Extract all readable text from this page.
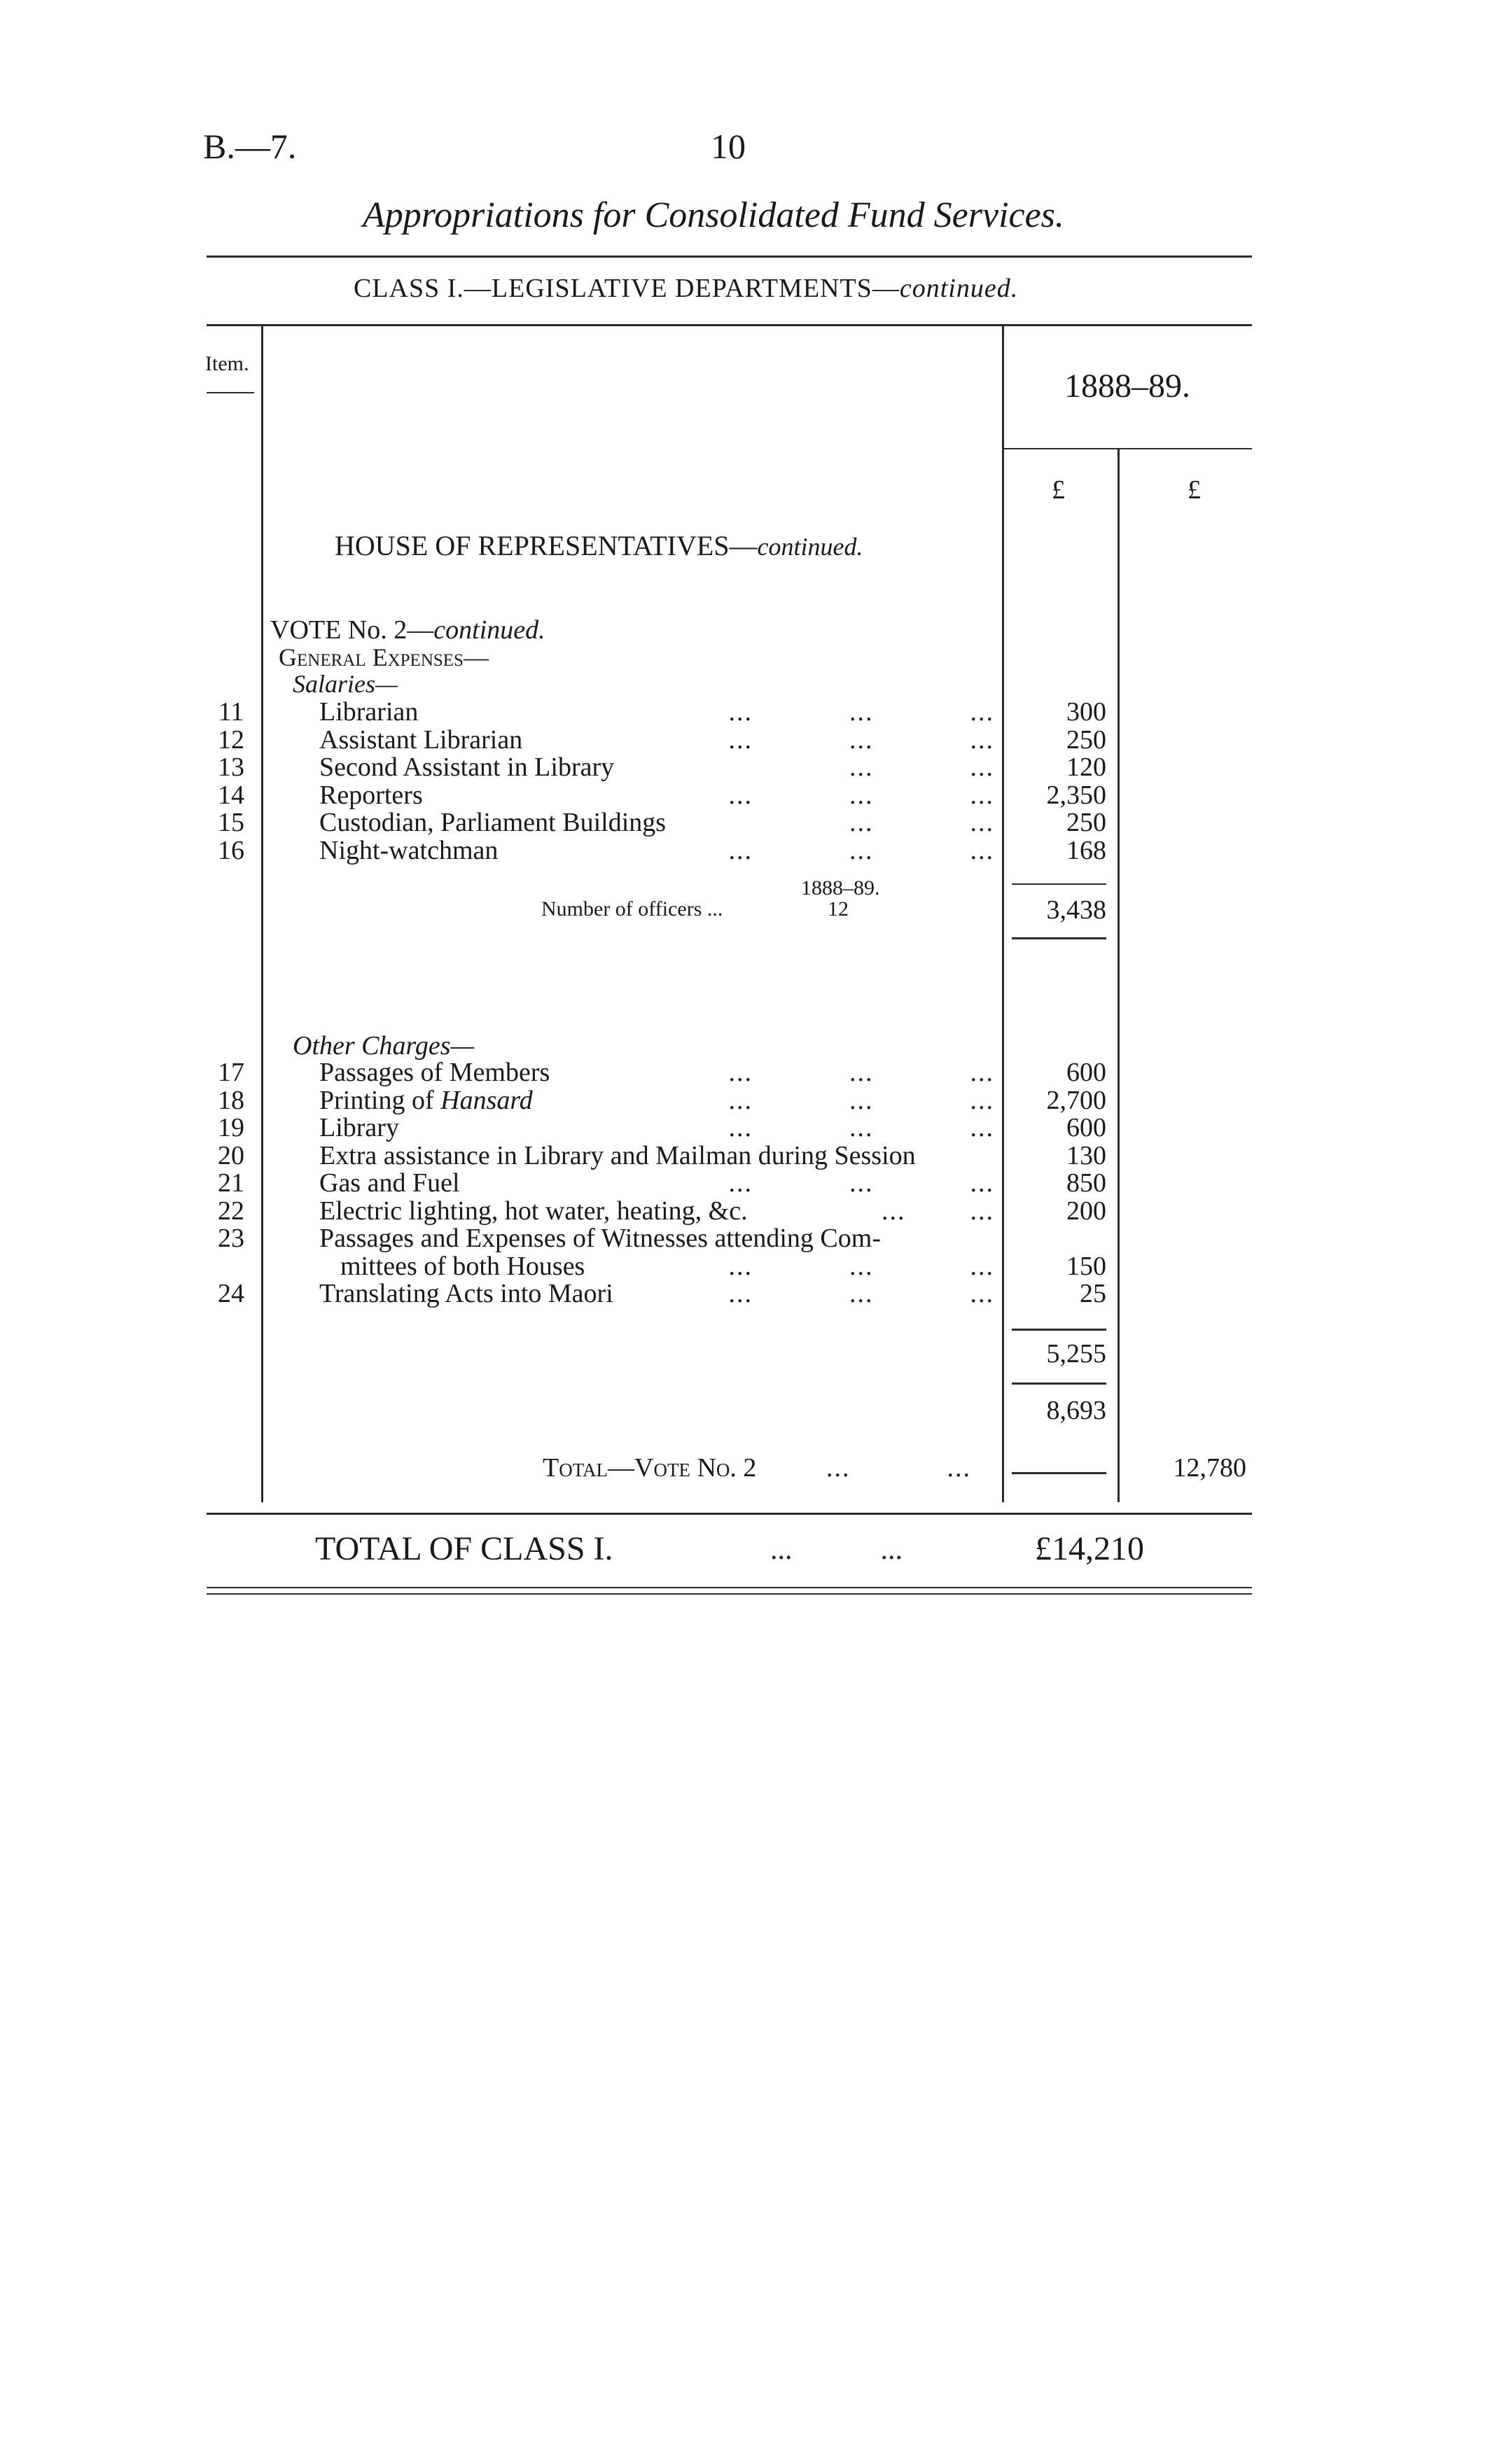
B.—7.	10
Appropriations for Consolidated Fund Services.
CLASS I.—LEGISLATIVE DEPARTMENTS—continued.
Item.
1888–89.
£	£
HOUSE OF REPRESENTATIVES—continued.
VOTE No. 2—continued.
General Expenses—
Salaries—
11	Librarian	...            ...            ...	300
12	Assistant Librarian	...            ...            ...	250
13	Second Assistant in Library	...            ...	120
14	Reporters	...            ...            ...	2,350
15	Custodian, Parliament Buildings	...            ...	250
16	Night-watchman	...            ...            ...	168
1888–89.
Number of officers ...	12	3,438
Other Charges—
17	Passages of Members	...            ...            ...	600
18	Printing of Hansard	...            ...            ...	2,700
19	Library	...            ...            ...	600
20	Extra assistance in Library and Mailman during Session	130
21	Gas and Fuel	...            ...            ...	850
22	Electric lighting, hot water, heating, &c.	...        ...	200
23	Passages and Expenses of Witnesses attending Com-
mittees of both Houses	...            ...            ...	150
24	Translating Acts into Maori	...            ...            ...	25
5,255
8,693
Total—Vote No. 2	...            ...	12,780
TOTAL OF CLASS I.	...            ...	£14,210
